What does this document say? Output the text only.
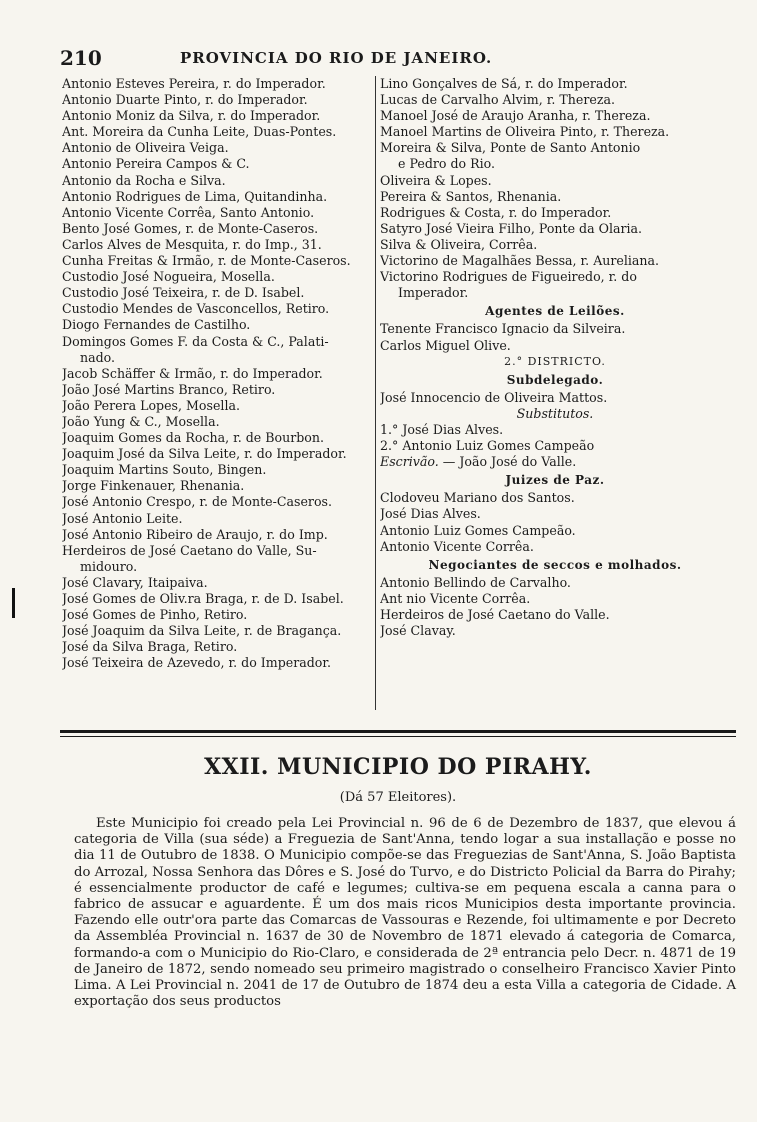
210	PROVINCIA DO RIO DE JANEIRO.
Antonio Esteves Pereira, r. do Imperador.
Antonio Duarte Pinto, r. do Imperador.
Antonio Moniz da Silva, r. do Imperador.
Ant. Moreira da Cunha Leite, Duas-Pontes.
Antonio de Oliveira Veiga.
Antonio Pereira Campos & C.
Antonio da Rocha e Silva.
Antonio Rodrigues de Lima, Quitandinha.
Antonio Vicente Corrêa, Santo Antonio.
Bento José Gomes, r. de Monte-Caseros.
Carlos Alves de Mesquita, r. do Imp., 31.
Cunha Freitas & Irmão, r. de Monte-Caseros.
Custodio José Nogueira, Mosella.
Custodio José Teixeira, r. de D. Isabel.
Custodio Mendes de Vasconcellos, Retiro.
Diogo Fernandes de Castilho.
Domingos Gomes F. da Costa & C., Palati-
nado.
Jacob Schäffer & Irmão, r. do Imperador.
João José Martins Branco, Retiro.
João Perera Lopes, Mosella.
João Yung & C., Mosella.
Joaquim Gomes da Rocha, r. de Bourbon.
Joaquim José da Silva Leite, r. do Imperador.
Joaquim Martins Souto, Bingen.
Jorge Finkenauer, Rhenania.
José Antonio Crespo, r. de Monte-Caseros.
José Antonio Leite.
José Antonio Ribeiro de Araujo, r. do Imp.
Herdeiros de José Caetano do Valle, Su-
midouro.
José Clavary, Itaipaiva.
José Gomes de Oliv.ra Braga, r. de D. Isabel.
José Gomes de Pinho, Retiro.
José Joaquim da Silva Leite, r. de Bragança.
José da Silva Braga, Retiro.
José Teixeira de Azevedo, r. do Imperador.
Lino Gonçalves de Sá, r. do Imperador.
Lucas de Carvalho Alvim, r. Thereza.
Manoel José de Araujo Aranha, r. Thereza.
Manoel Martins de Oliveira Pinto, r. Thereza.
Moreira & Silva, Ponte de Santo Antonio
e Pedro do Rio.
Oliveira & Lopes.
Pereira & Santos, Rhenania.
Rodrigues & Costa, r. do Imperador.
Satyro José Vieira Filho, Ponte da Olaria.
Silva & Oliveira, Corrêa.
Victorino de Magalhães Bessa, r. Aureliana.
Victorino Rodrigues de Figueiredo, r. do
Imperador.
Agentes de Leilões.
Tenente Francisco Ignacio da Silveira.
Carlos Miguel Olive.
2.° DISTRICTO.
Subdelegado.
José Innocencio de Oliveira Mattos.
Substitutos.
1.° José Dias Alves.
2.° Antonio Luiz Gomes Campeão
Escrivão. — João José do Valle.
Juizes de Paz.
Clodoveu Mariano dos Santos.
José Dias Alves.
Antonio Luiz Gomes Campeão.
Antonio Vicente Corrêa.
Negociantes de seccos e molhados.
Antonio Bellindo de Carvalho.
Ant nio Vicente Corrêa.
Herdeiros de José Caetano do Valle.
José Clavay.
XXII. MUNICIPIO DO PIRAHY.
(Dá 57 Eleitores).

Este Municipio foi creado pela Lei Provincial n. 96 de 6 de Dezembro de 1837, que elevou á categoria de Villa (sua séde) a Freguezia de Sant'Anna, tendo logar a sua installação e posse no dia 11 de Outubro de 1838. O Municipio compõe-se das Freguezias de Sant'Anna, S. João Baptista do Arrozal, Nossa Senhora das Dôres e S. José do Turvo, e do Districto Policial da Barra do Pirahy; é essencialmente productor de café e legumes; cultiva-se em pequena escala a canna para o fabrico de assucar e aguardente. É um dos mais ricos Municipios desta importante provincia. Fazendo elle outr'ora parte das Comarcas de Vassouras e Rezende, foi ultimamente e por Decreto da Assembléa Provincial n. 1637 de 30 de Novembro de 1871 elevado á categoria de Comarca, formando-a com o Municipio do Rio-Claro, e considerada de 2ª entrancia pelo Decr. n. 4871 de 19 de Janeiro de 1872, sendo nomeado seu primeiro magistrado o conselheiro Francisco Xavier Pinto Lima. A Lei Provincial n. 2041 de 17 de Outubro de 1874 deu a esta Villa a categoria de Cidade. A exportação dos seus productos
